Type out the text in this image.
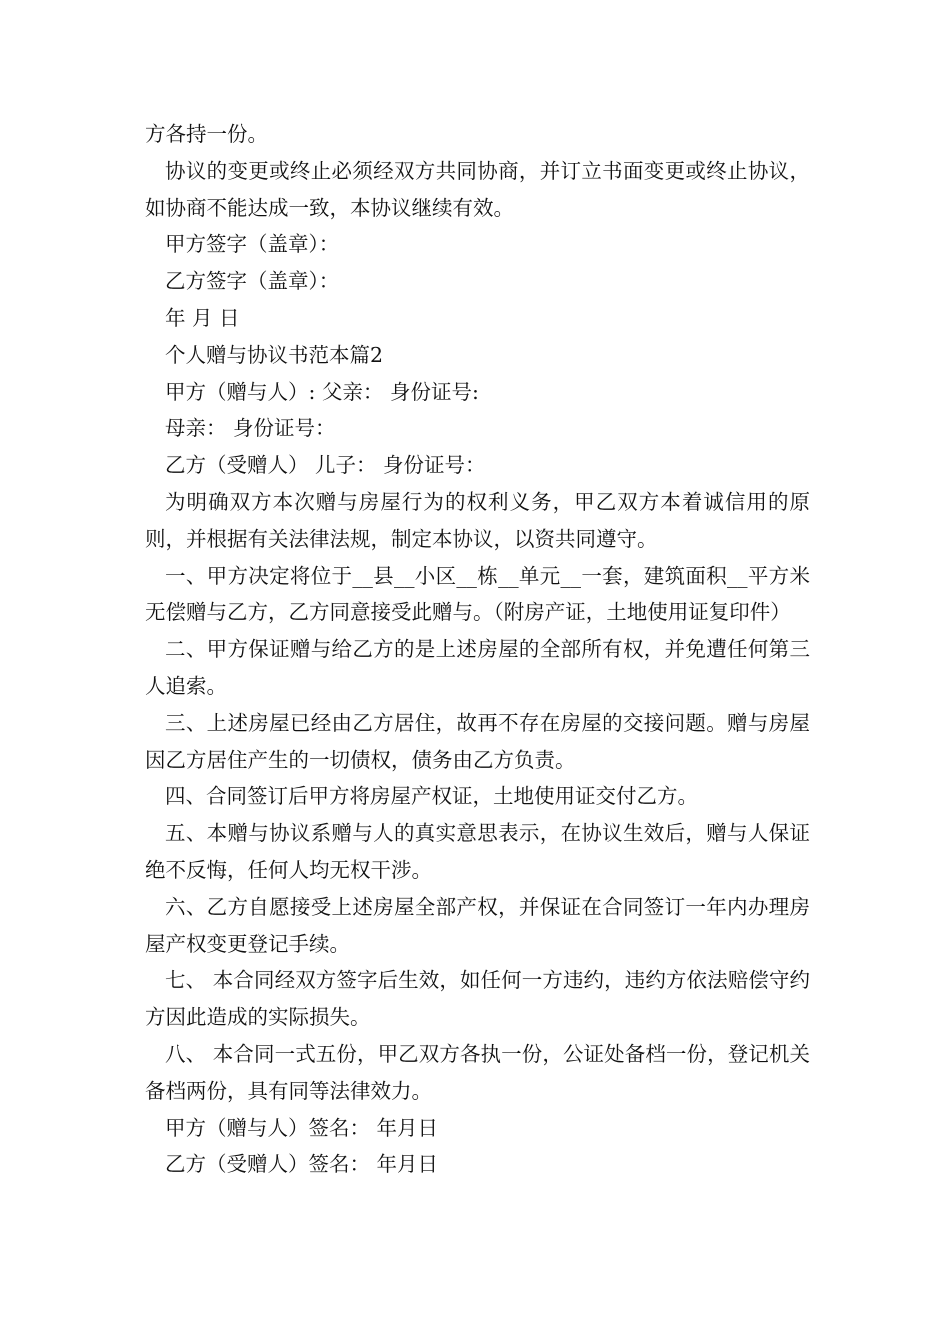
方各持一份。

协议的变更或终止必须经双方共同协商，并订立书面变更或终止协议，如协商不能达成一致，本协议继续有效。

甲方签字（盖章）：

乙方签字（盖章）：

年 月 日

个人赠与协议书范本篇2

甲方（赠与人）: 父亲： 身份证号:

母亲： 身份证号：

乙方（受赠人） 儿子： 身份证号：

为明确双方本次赠与房屋行为的权利义务，甲乙双方本着诚信用的原则，并根据有关法律法规，制定本协议，以资共同遵守。

一、甲方决定将位于__县__小区__栋__单元__一套，建筑面积__平方米无偿赠与乙方，乙方同意接受此赠与。（附房产证，土地使用证复印件）

二、甲方保证赠与给乙方的是上述房屋的全部所有权，并免遭任何第三人追索。

三、上述房屋已经由乙方居住，故再不存在房屋的交接问题。赠与房屋因乙方居住产生的一切债权，债务由乙方负责。

四、合同签订后甲方将房屋产权证，土地使用证交付乙方。

五、本赠与协议系赠与人的真实意思表示，在协议生效后，赠与人保证绝不反悔，任何人均无权干涉。

六、乙方自愿接受上述房屋全部产权，并保证在合同签订一年内办理房屋产权变更登记手续。

七、 本合同经双方签字后生效，如任何一方违约，违约方依法赔偿守约方因此造成的实际损失。

八、 本合同一式五份，甲乙双方各执一份，公证处备档一份，登记机关备档两份，具有同等法律效力。

甲方（赠与人）签名： 年月日

乙方（受赠人）签名： 年月日
